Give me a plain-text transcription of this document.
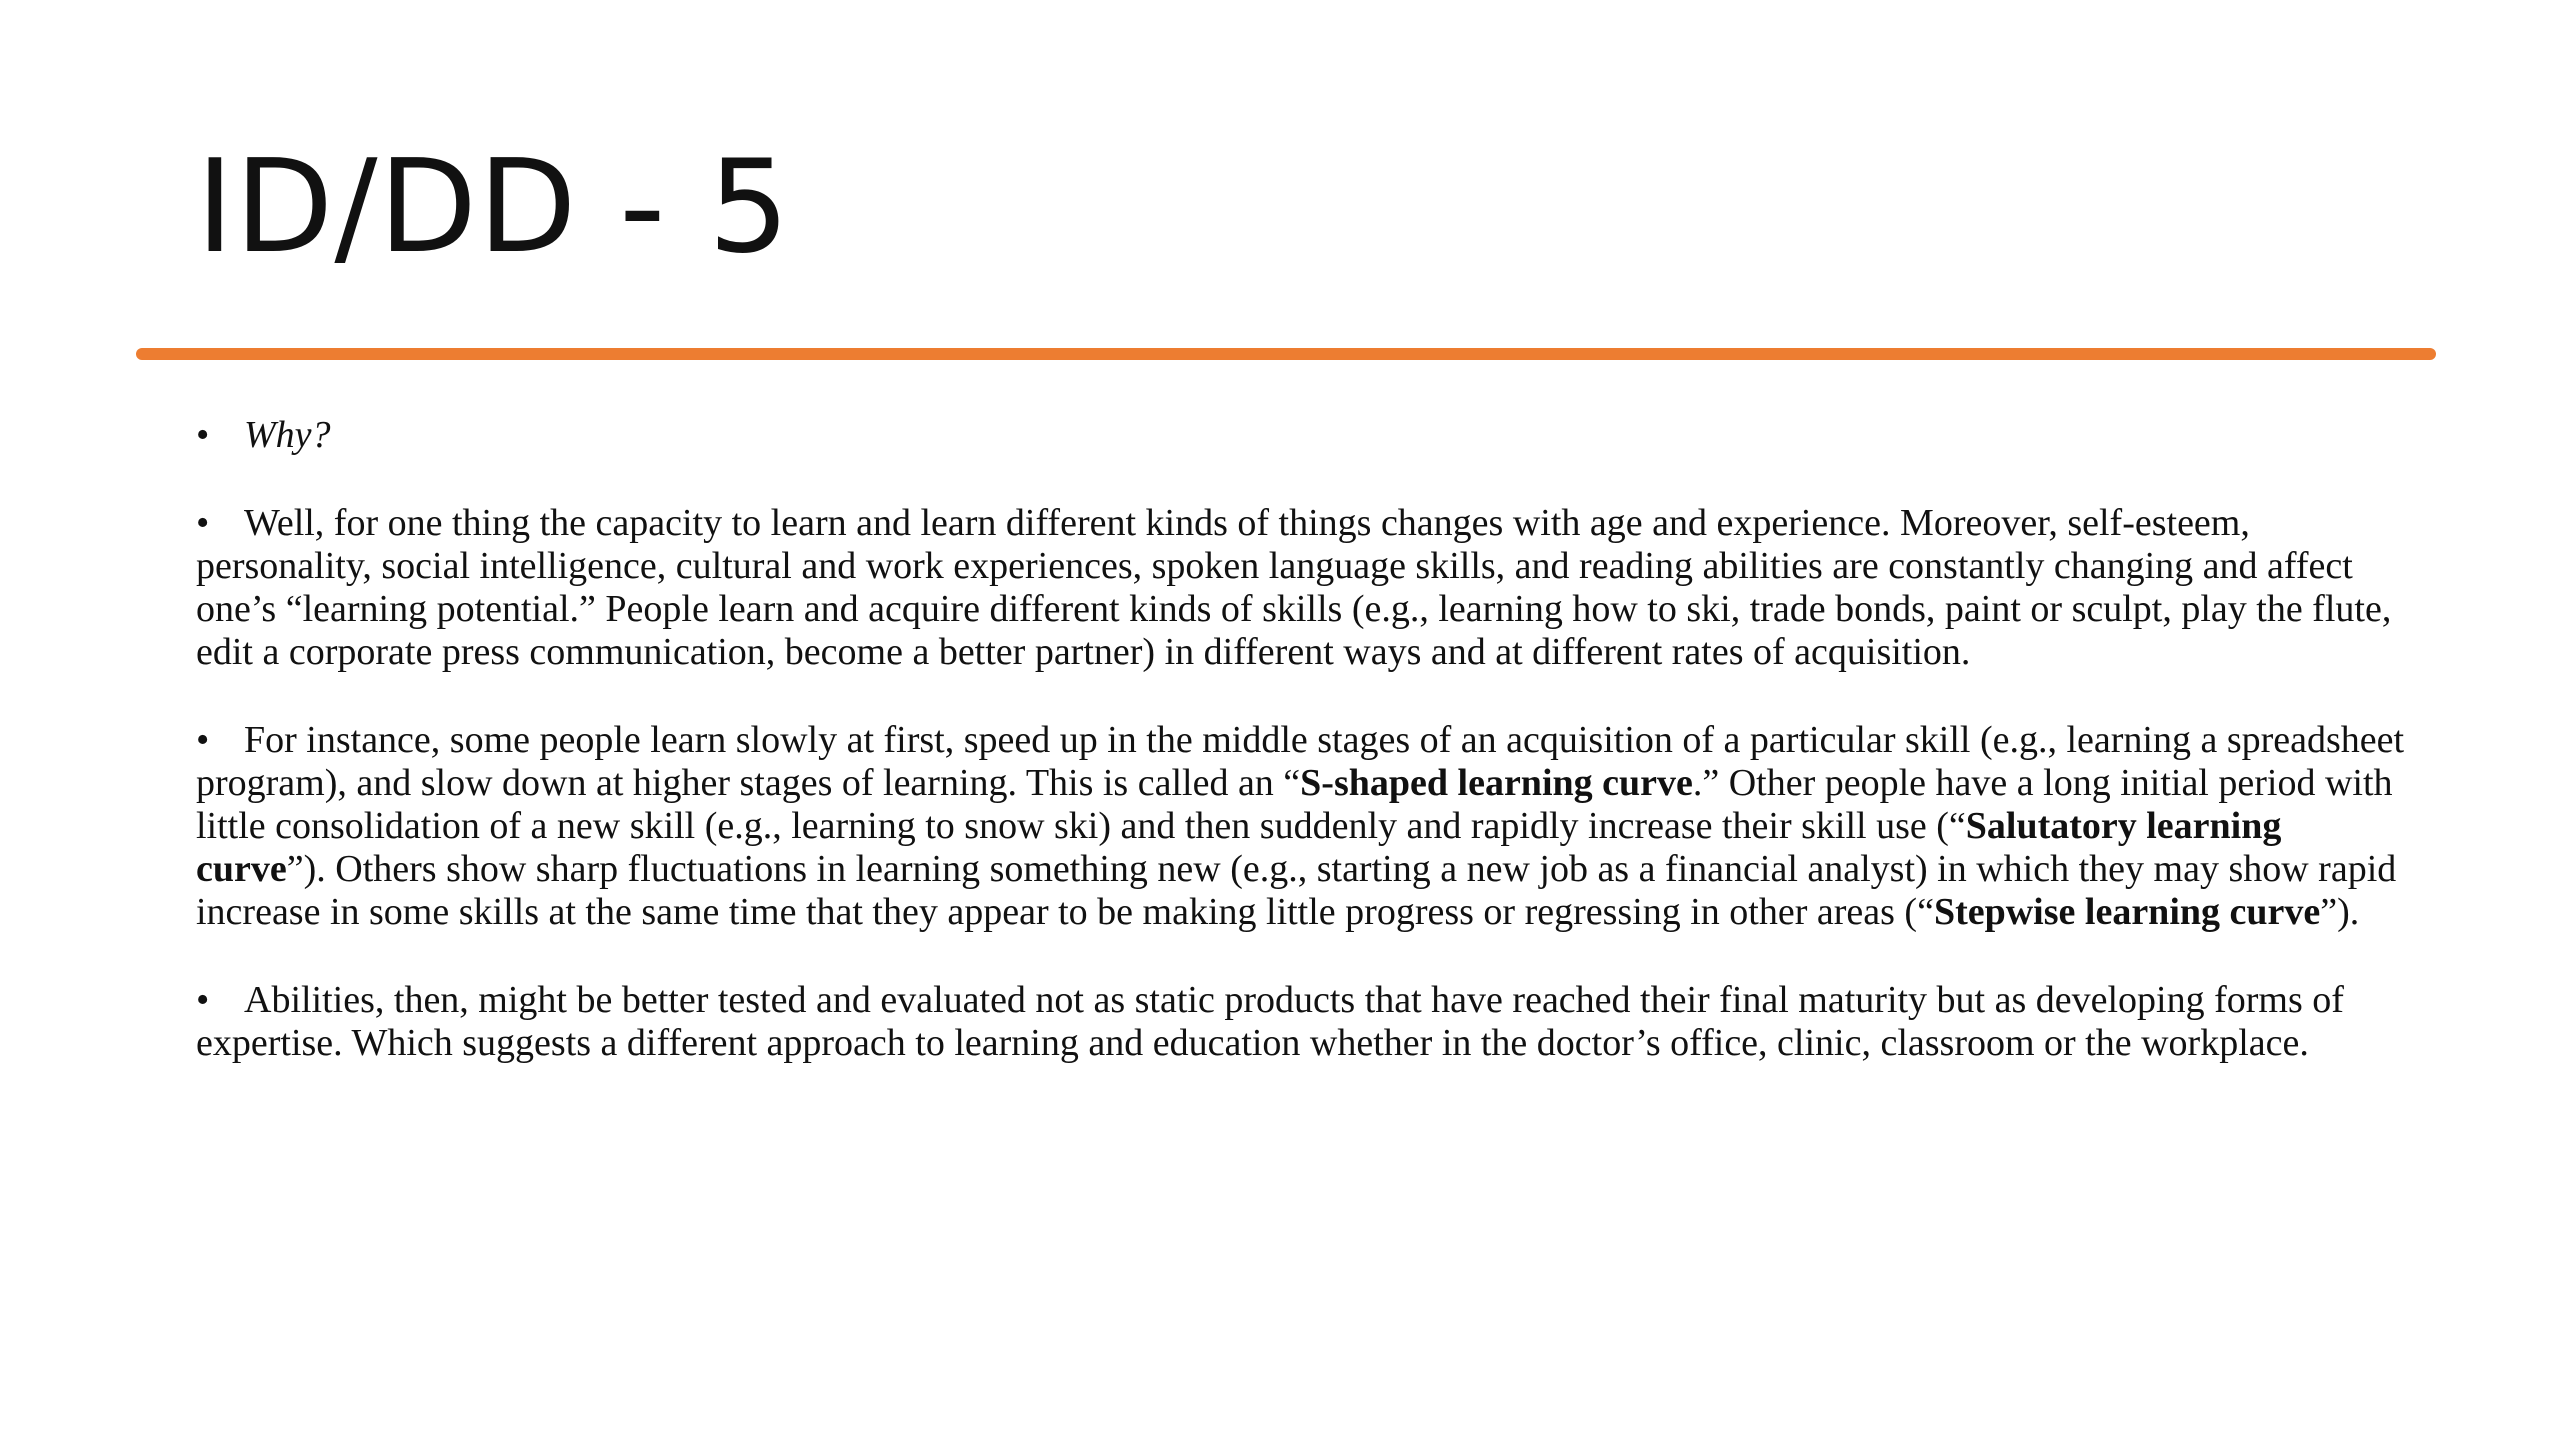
ID/DD - 5

• Why?

• Well, for one thing the capacity to learn and learn different kinds of things changes with age and experience. Moreover, self-esteem, personality, social intelligence, cultural and work experiences, spoken language skills, and reading abilities are constantly changing and affect one’s “learning potential.” People learn and acquire different kinds of skills (e.g., learning how to ski, trade bonds, paint or sculpt, play the flute, edit a corporate press communication, become a better partner) in different ways and at different rates of acquisition.

• For instance, some people learn slowly at first, speed up in the middle stages of an acquisition of a particular skill (e.g., learning a spreadsheet program), and slow down at higher stages of learning. This is called an “S-shaped learning curve.” Other people have a long initial period with little consolidation of a new skill (e.g., learning to snow ski) and then suddenly and rapidly increase their skill use (“Salutatory learning curve”). Others show sharp fluctuations in learning something new (e.g., starting a new job as a financial analyst) in which they may show rapid increase in some skills at the same time that they appear to be making little progress or regressing in other areas (“Stepwise learning curve”).

• Abilities, then, might be better tested and evaluated not as static products that have reached their final maturity but as developing forms of expertise. Which suggests a different approach to learning and education whether in the doctor’s office, clinic, classroom or the workplace.
